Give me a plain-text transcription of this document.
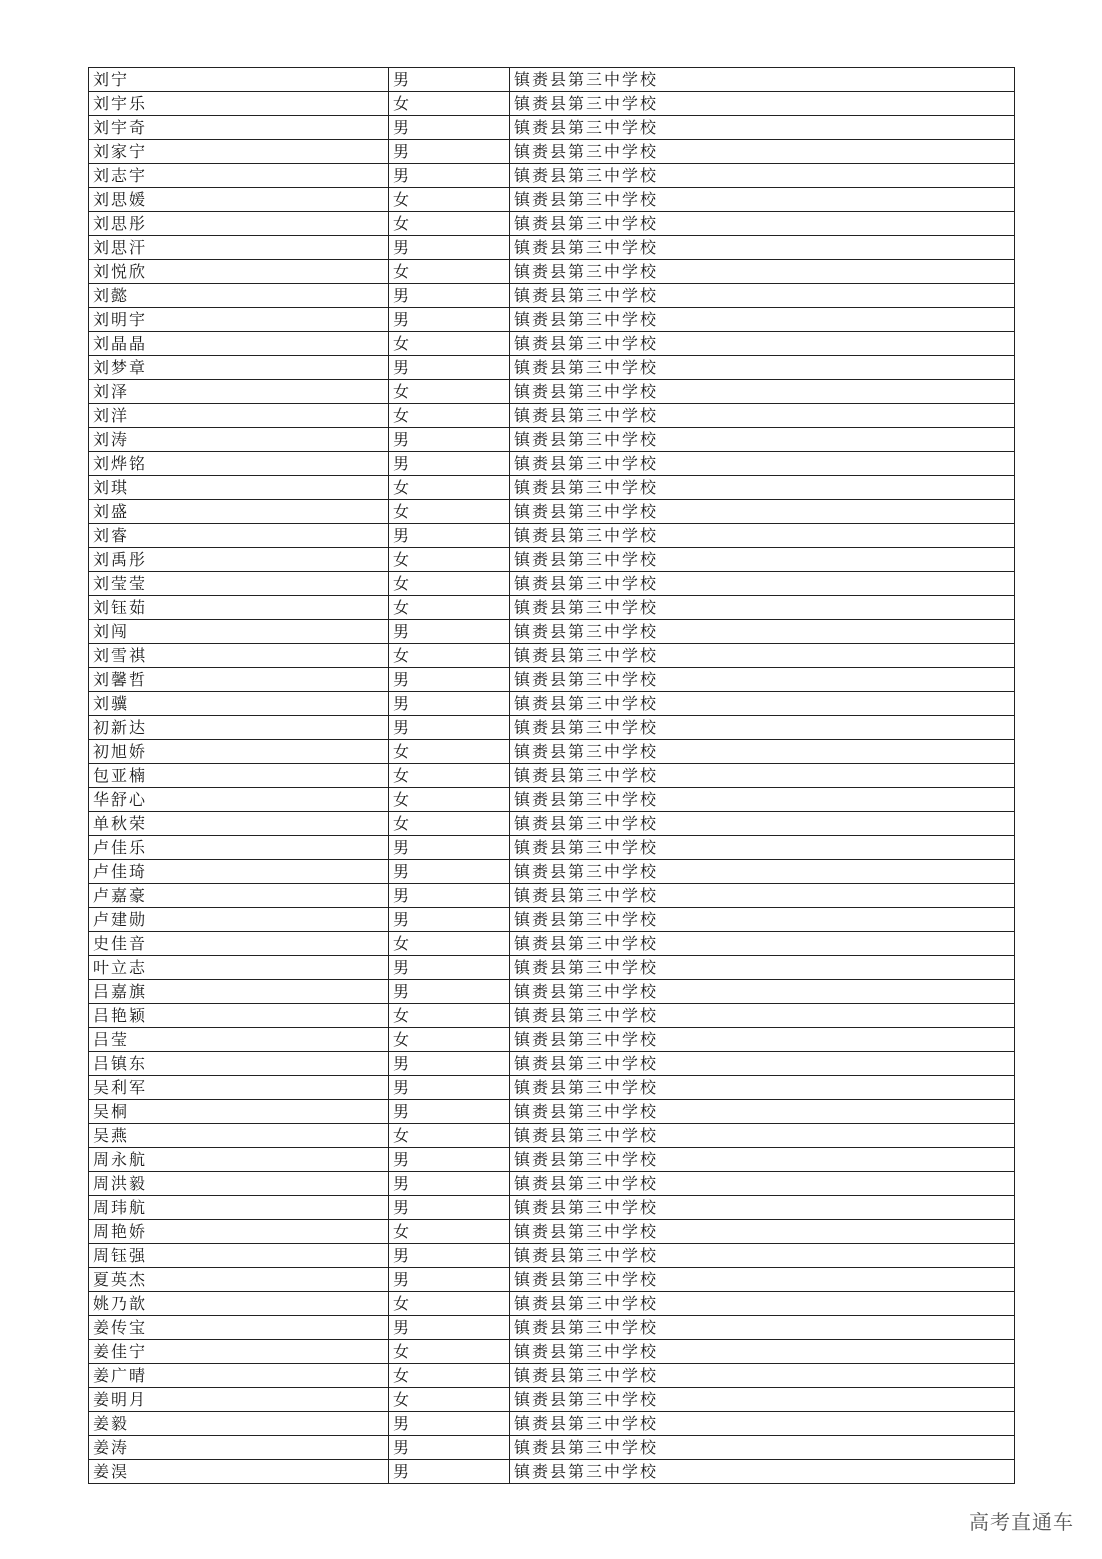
刘宁	男	镇赉县第三中学校
刘宇乐	女	镇赉县第三中学校
刘宇奇	男	镇赉县第三中学校
刘家宁	男	镇赉县第三中学校
刘志宇	男	镇赉县第三中学校
刘思媛	女	镇赉县第三中学校
刘思彤	女	镇赉县第三中学校
刘思汗	男	镇赉县第三中学校
刘悦欣	女	镇赉县第三中学校
刘懿	男	镇赉县第三中学校
刘明宇	男	镇赉县第三中学校
刘晶晶	女	镇赉县第三中学校
刘梦章	男	镇赉县第三中学校
刘泽	女	镇赉县第三中学校
刘洋	女	镇赉县第三中学校
刘涛	男	镇赉县第三中学校
刘烨铭	男	镇赉县第三中学校
刘琪	女	镇赉县第三中学校
刘盛	女	镇赉县第三中学校
刘睿	男	镇赉县第三中学校
刘禹彤	女	镇赉县第三中学校
刘莹莹	女	镇赉县第三中学校
刘钰茹	女	镇赉县第三中学校
刘闯	男	镇赉县第三中学校
刘雪祺	女	镇赉县第三中学校
刘馨哲	男	镇赉县第三中学校
刘骥	男	镇赉县第三中学校
初新达	男	镇赉县第三中学校
初旭娇	女	镇赉县第三中学校
包亚楠	女	镇赉县第三中学校
华舒心	女	镇赉县第三中学校
单秋荣	女	镇赉县第三中学校
卢佳乐	男	镇赉县第三中学校
卢佳琦	男	镇赉县第三中学校
卢嘉豪	男	镇赉县第三中学校
卢建勋	男	镇赉县第三中学校
史佳音	女	镇赉县第三中学校
叶立志	男	镇赉县第三中学校
吕嘉旗	男	镇赉县第三中学校
吕艳颖	女	镇赉县第三中学校
吕莹	女	镇赉县第三中学校
吕镇东	男	镇赉县第三中学校
吴利军	男	镇赉县第三中学校
吴桐	男	镇赉县第三中学校
吴燕	女	镇赉县第三中学校
周永航	男	镇赉县第三中学校
周洪毅	男	镇赉县第三中学校
周玮航	男	镇赉县第三中学校
周艳娇	女	镇赉县第三中学校
周钰强	男	镇赉县第三中学校
夏英杰	男	镇赉县第三中学校
姚乃歆	女	镇赉县第三中学校
姜传宝	男	镇赉县第三中学校
姜佳宁	女	镇赉县第三中学校
姜广晴	女	镇赉县第三中学校
姜明月	女	镇赉县第三中学校
姜毅	男	镇赉县第三中学校
姜涛	男	镇赉县第三中学校
姜淏	男	镇赉县第三中学校
高考直通车
